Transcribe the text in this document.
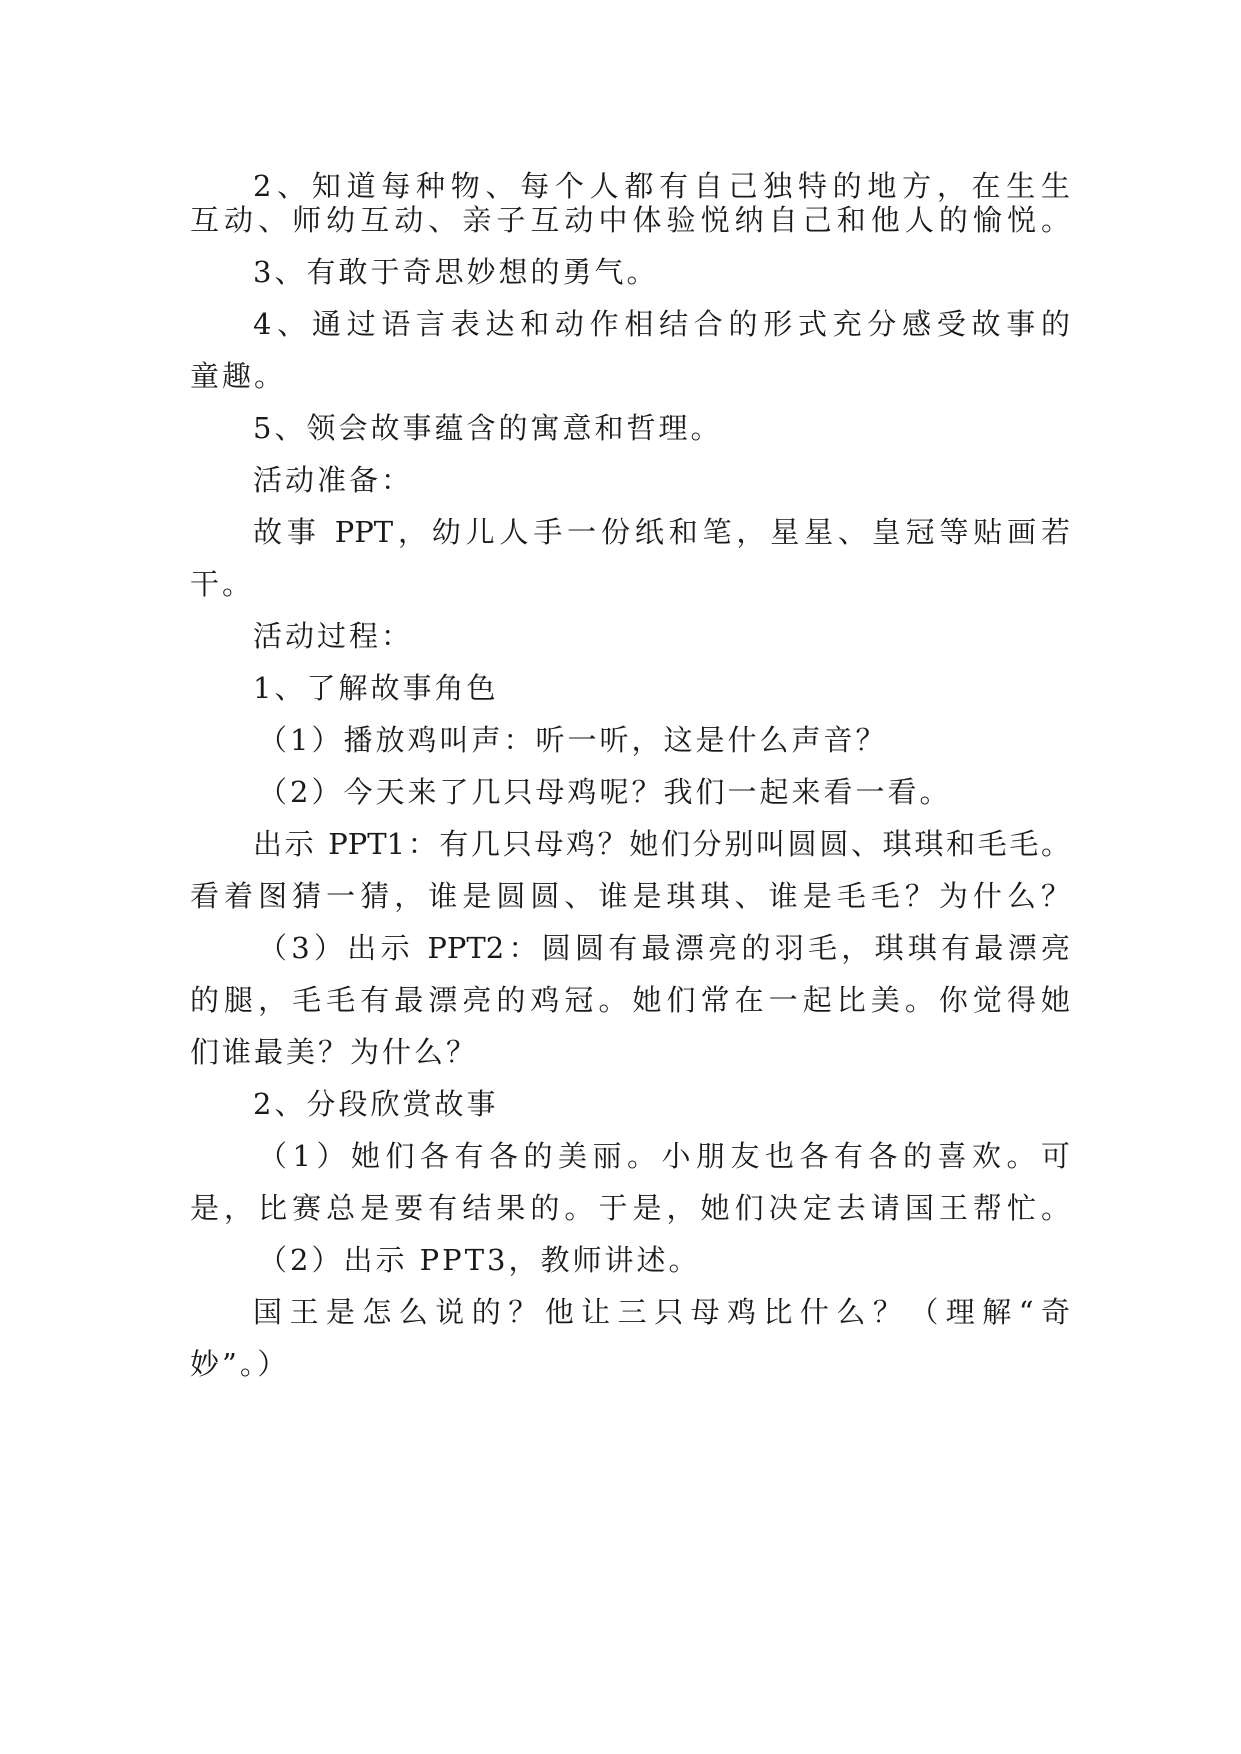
2、知道每种物、每个人都有自己独特的地方，在生生
互动、师幼互动、亲子互动中体验悦纳自己和他人的愉悦。
3、有敢于奇思妙想的勇气。
4、通过语言表达和动作相结合的形式充分感受故事的
童趣。
5、领会故事蕴含的寓意和哲理。
活动准备：
故事 PPT，幼儿人手一份纸和笔，星星、皇冠等贴画若
干。
活动过程：
1、了解故事角色
（1）播放鸡叫声：听一听，这是什么声音？
（2）今天来了几只母鸡呢？我们一起来看一看。
出示 PPT1：有几只母鸡？她们分别叫圆圆、琪琪和毛毛。
看着图猜一猜，谁是圆圆、谁是琪琪、谁是毛毛？为什么？
（3）出示 PPT2：圆圆有最漂亮的羽毛，琪琪有最漂亮
的腿，毛毛有最漂亮的鸡冠。她们常在一起比美。你觉得她
们谁最美？为什么？
2、分段欣赏故事
（1）她们各有各的美丽。小朋友也各有各的喜欢。可
是，比赛总是要有结果的。于是，她们决定去请国王帮忙。
（2）出示 PPT3，教师讲述。
国王是怎么说的？他让三只母鸡比什么？（理解“奇
妙”。）
